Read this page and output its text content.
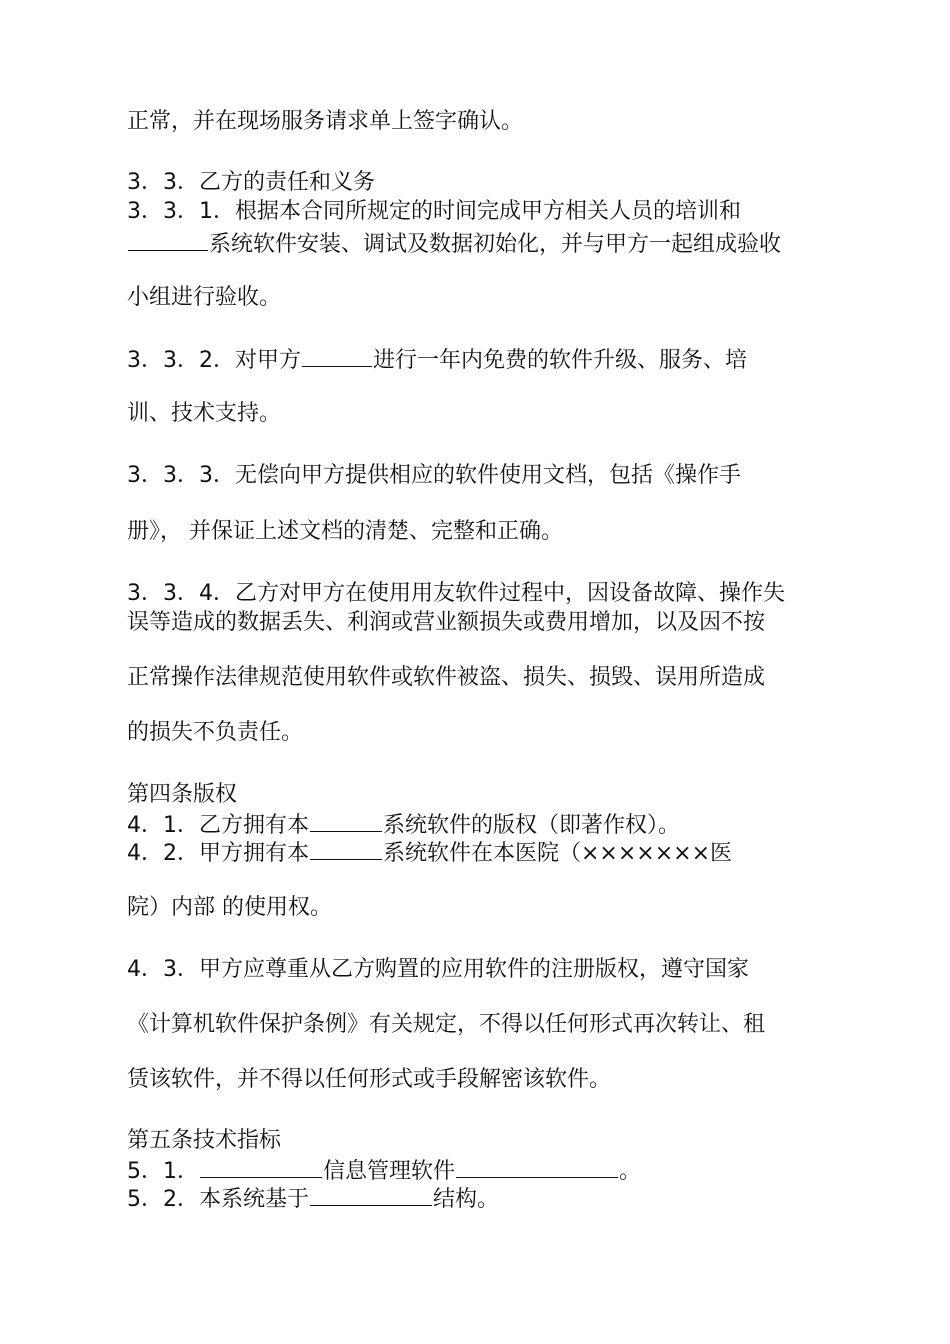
正常，并在现场服务请求单上签字确认。
3．3．乙方的责任和义务
3．3．1．根据本合同所规定的时间完成甲方相关人员的培训和
系统软件安装、调试及数据初始化，并与甲方一起组成验收
小组进行验收。
3．3．2．对甲方	进行一年内免费的软件升级、服务、培
训、技术支持。
3．3．3．无偿向甲方提供相应的软件使用文档，包括《操作手
册》， 并保证上述文档的清楚、完整和正确。
3．3．4．乙方对甲方在使用用友软件过程中，因设备故障、操作失
误等造成的数据丢失、利润或营业额损失或费用增加，以及因不按
正常操作法律规范使用软件或软件被盗、损失、损毁、误用所造成
的损失不负责任。
第四条版权
4．1．乙方拥有本	系统软件的版权（即著作权）。
4．2．甲方拥有本	系统软件在本医院（×××××××医
院）内部 的使用权。
4．3．甲方应尊重从乙方购置的应用软件的注册版权，遵守国家
《计算机软件保护条例》有关规定，不得以任何形式再次转让、租
赁该软件，并不得以任何形式或手段解密该软件。
第五条技术指标
5．1．	信息管理软件	。
5．2．本系统基于	结构。
